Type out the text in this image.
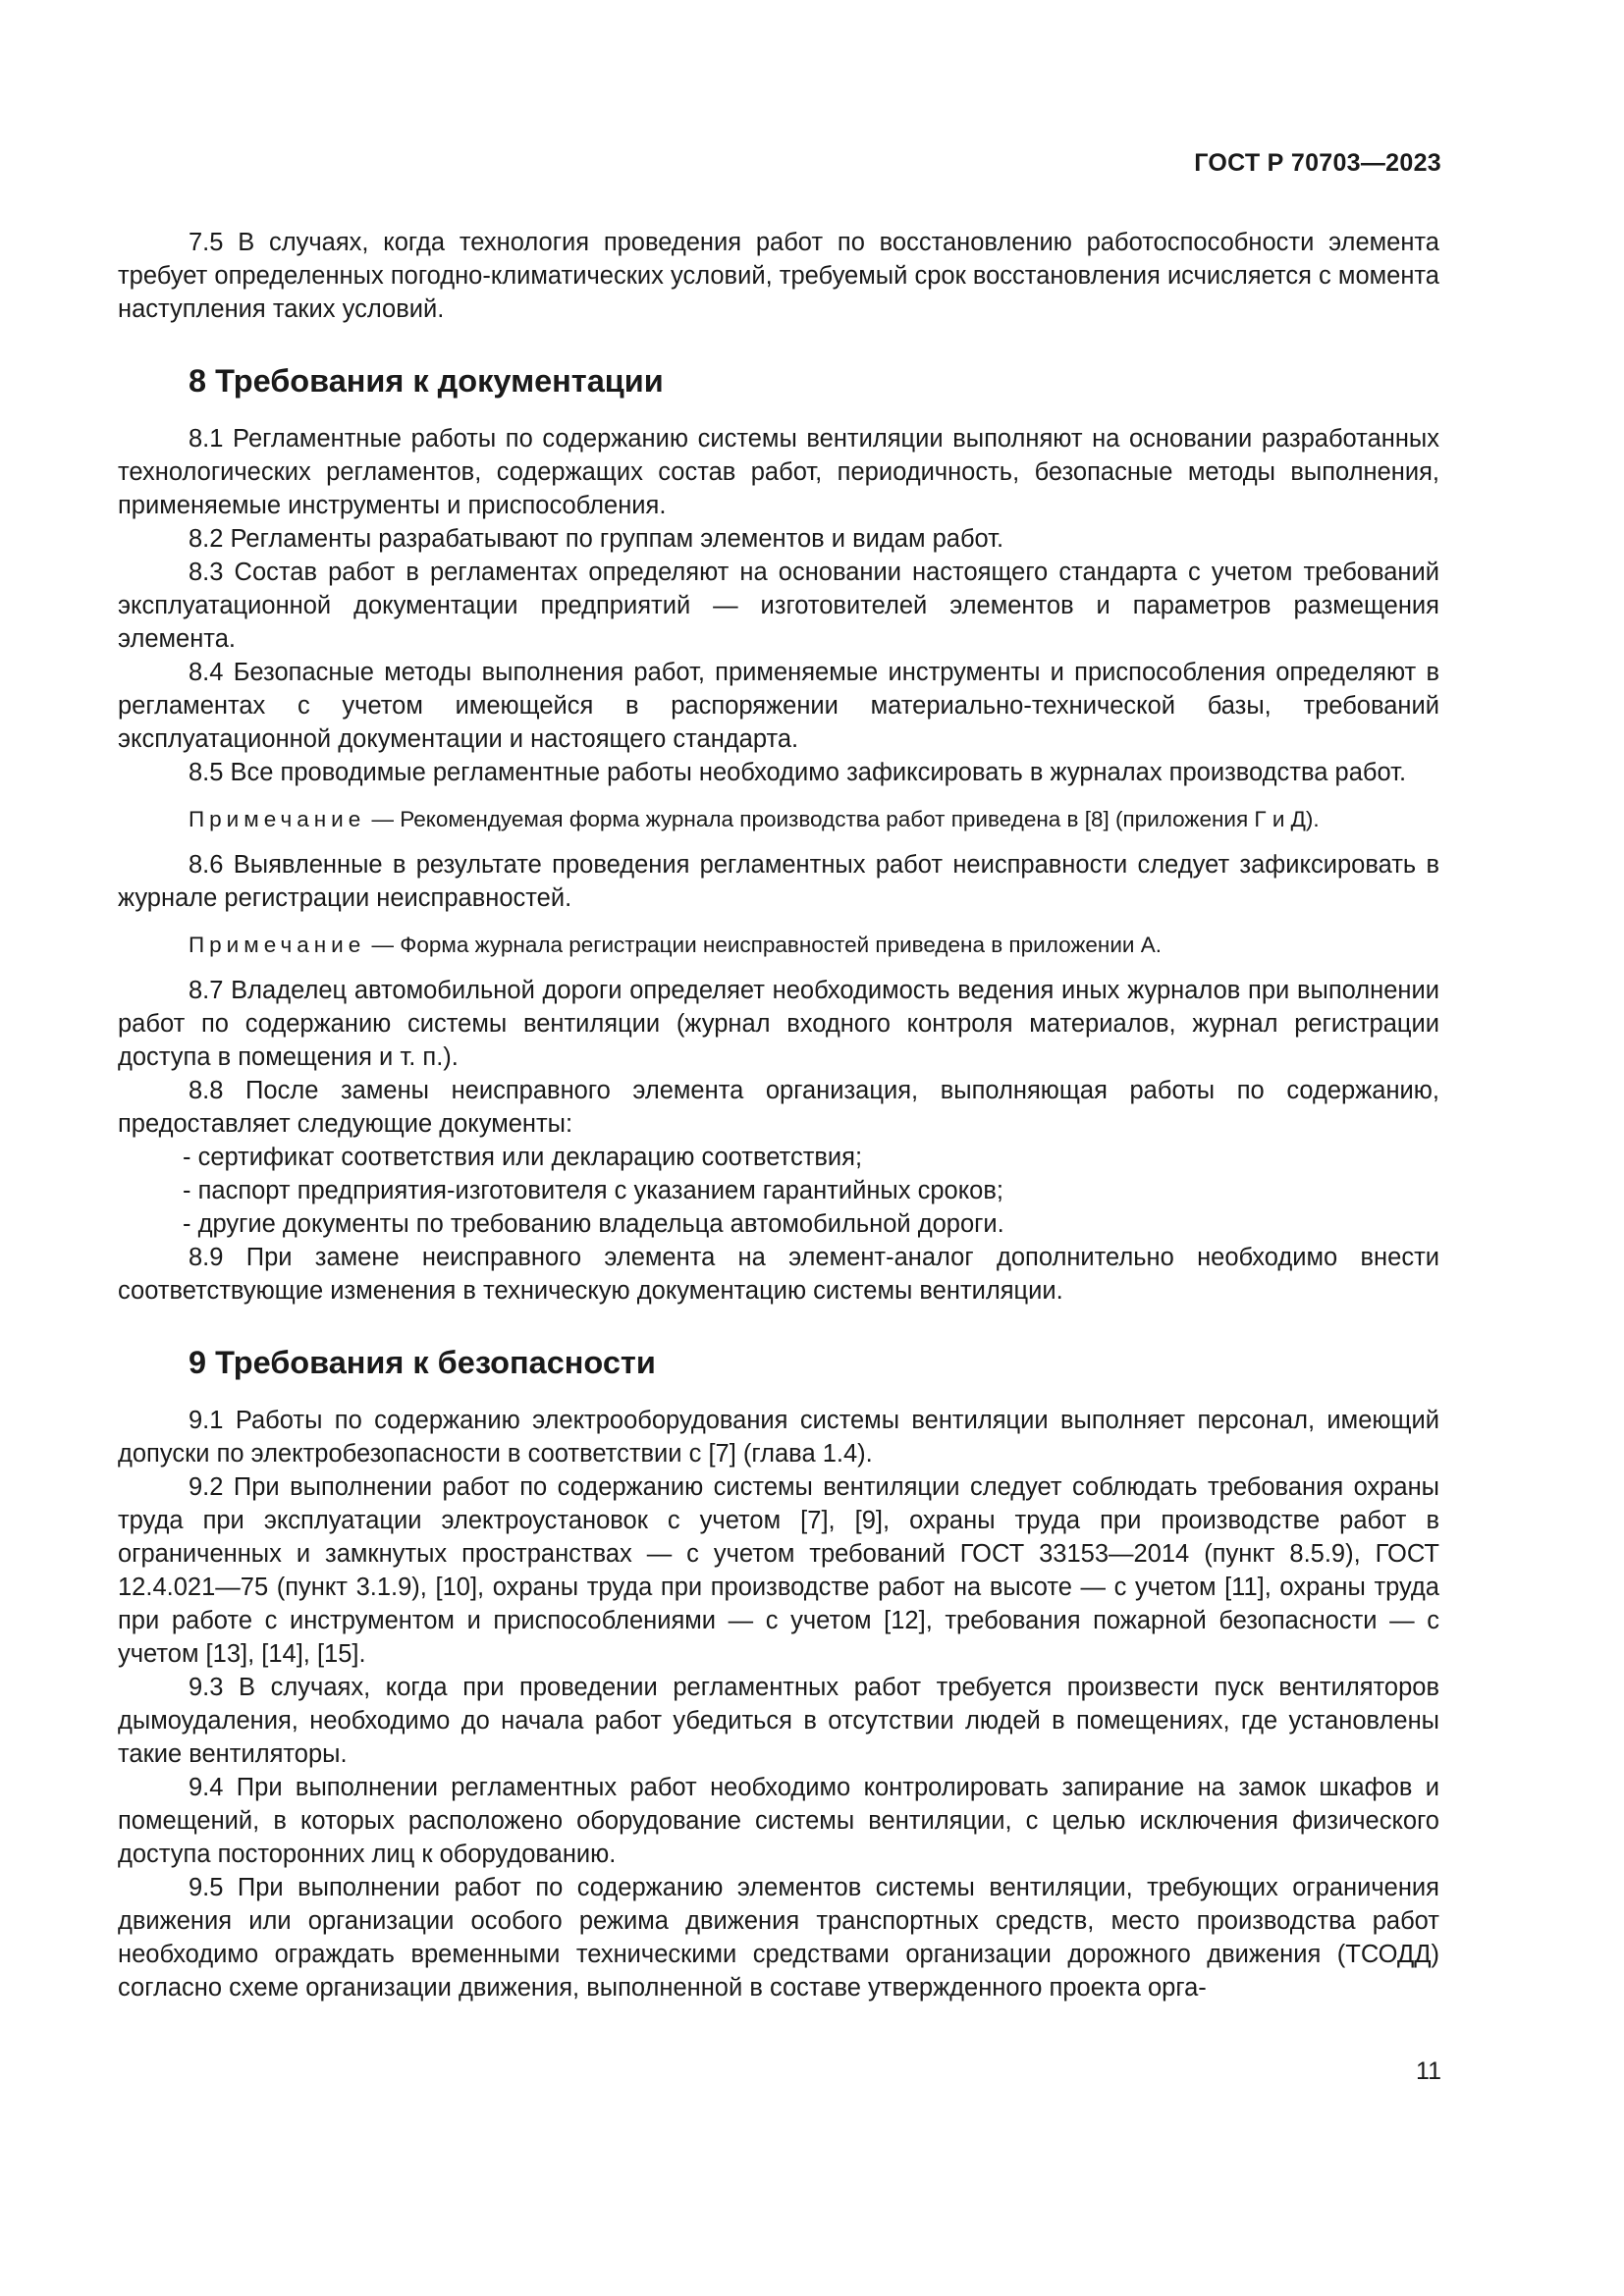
ГОСТ Р 70703—2023

7.5 В случаях, когда технология проведения работ по восстановлению работоспособности элемента требует определенных погодно-климатических условий, требуемый срок восстановления исчисляется с момента наступления таких условий.

8 Требования к документации

8.1 Регламентные работы по содержанию системы вентиляции выполняют на основании разработанных технологических регламентов, содержащих состав работ, периодичность, безопасные методы выполнения, применяемые инструменты и приспособления.

8.2 Регламенты разрабатывают по группам элементов и видам работ.

8.3 Состав работ в регламентах определяют на основании настоящего стандарта с учетом требований эксплуатационной документации предприятий — изготовителей элементов и параметров размещения элемента.

8.4 Безопасные методы выполнения работ, применяемые инструменты и приспособления определяют в регламентах с учетом имеющейся в распоряжении материально-технической базы, требований эксплуатационной документации и настоящего стандарта.

8.5 Все проводимые регламентные работы необходимо зафиксировать в журналах производства работ.

Примечание — Рекомендуемая форма журнала производства работ приведена в [8] (приложения Г и Д).

8.6 Выявленные в результате проведения регламентных работ неисправности следует зафиксировать в журнале регистрации неисправностей.

Примечание — Форма журнала регистрации неисправностей приведена в приложении А.

8.7 Владелец автомобильной дороги определяет необходимость ведения иных журналов при выполнении работ по содержанию системы вентиляции (журнал входного контроля материалов, журнал регистрации доступа в помещения и т. п.).

8.8 После замены неисправного элемента организация, выполняющая работы по содержанию, предоставляет следующие документы:

- сертификат соответствия или декларацию соответствия;

- паспорт предприятия-изготовителя с указанием гарантийных сроков;

- другие документы по требованию владельца автомобильной дороги.

8.9 При замене неисправного элемента на элемент-аналог дополнительно необходимо внести соответствующие изменения в техническую документацию системы вентиляции.

9 Требования к безопасности

9.1 Работы по содержанию электрооборудования системы вентиляции выполняет персонал, имеющий допуски по электробезопасности в соответствии с [7] (глава 1.4).

9.2 При выполнении работ по содержанию системы вентиляции следует соблюдать требования охраны труда при эксплуатации электроустановок с учетом [7], [9], охраны труда при производстве работ в ограниченных и замкнутых пространствах — с учетом требований ГОСТ 33153—2014 (пункт 8.5.9), ГОСТ 12.4.021—75 (пункт 3.1.9), [10], охраны труда при производстве работ на высоте — с учетом [11], охраны труда при работе с инструментом и приспособлениями — с учетом [12], требования пожарной безопасности — с учетом [13], [14], [15].

9.3 В случаях, когда при проведении регламентных работ требуется произвести пуск вентиляторов дымоудаления, необходимо до начала работ убедиться в отсутствии людей в помещениях, где установлены такие вентиляторы.

9.4 При выполнении регламентных работ необходимо контролировать запирание на замок шкафов и помещений, в которых расположено оборудование системы вентиляции, с целью исключения физического доступа посторонних лиц к оборудованию.

9.5 При выполнении работ по содержанию элементов системы вентиляции, требующих ограничения движения или организации особого режима движения транспортных средств, место производства работ необходимо ограждать временными техническими средствами организации дорожного движения (ТСОДД) согласно схеме организации движения, выполненной в составе утвержденного проекта орга-

11
